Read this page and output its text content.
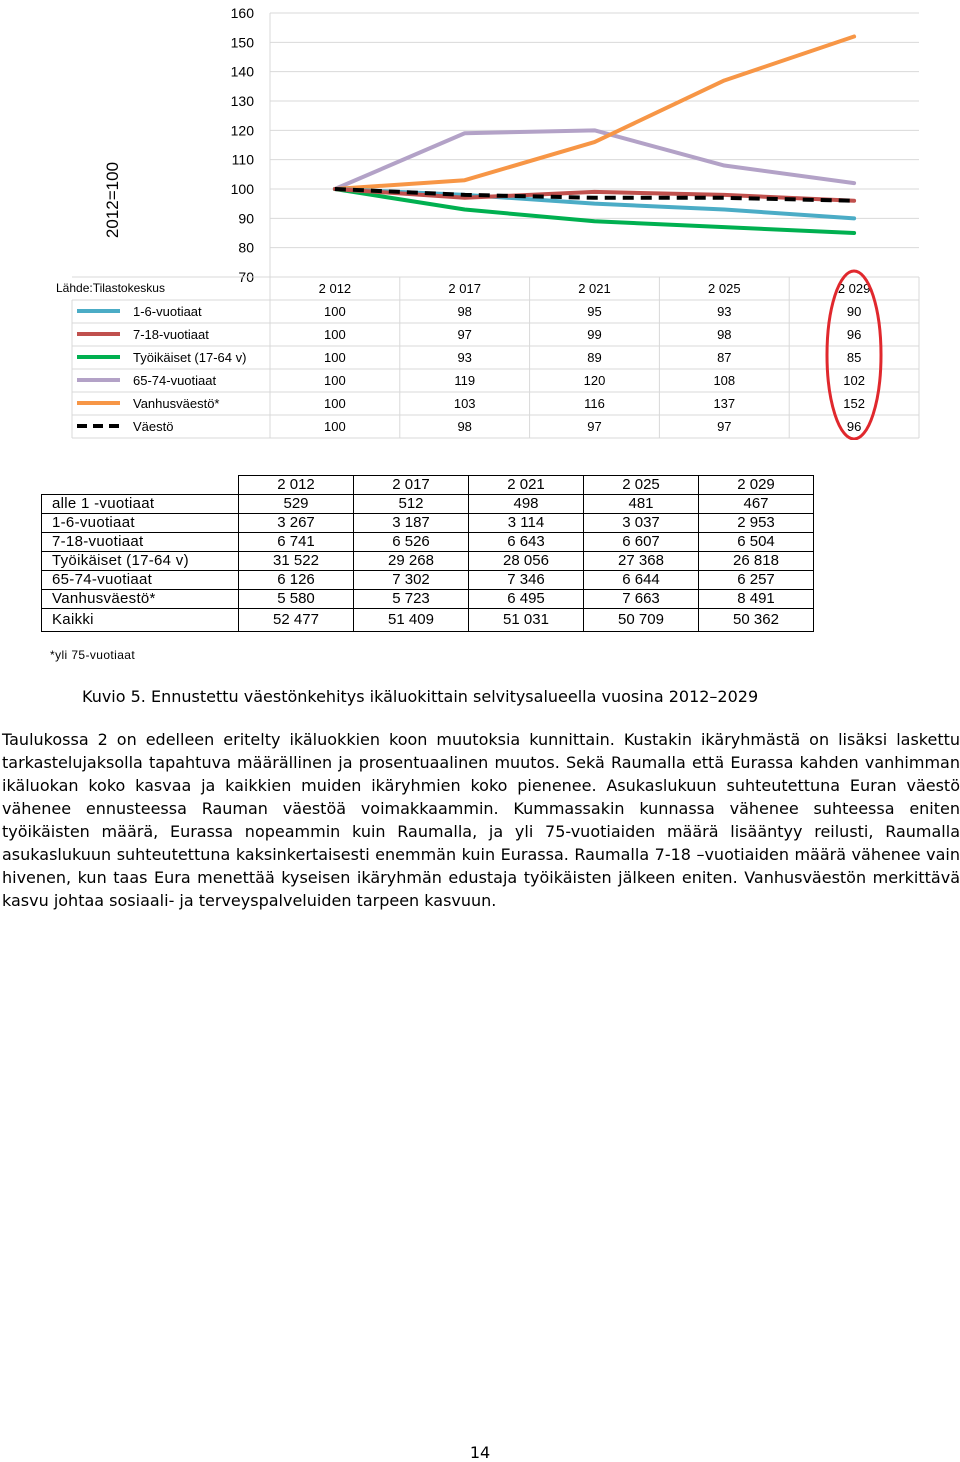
160
150
140
130
120
110
100
90
80
70
2012=100
Lähde:Tilastokeskus	2 012	2 017	2 021	2 025	2 029
1-6-vuotiaat	100	98	95	93	90
7-18-vuotiaat	100	97	99	98	96
Työikäiset (17-64 v)	100	93	89	87	85
65-74-vuotiaat	100	119	120	108	102
Vanhusväestö*	100	103	116	137	152
Väestö	100	98	97	97	96
	2 012	2 017	2 021	2 025	2 029
alle 1 -vuotiaat	529	512	498	481	467
1-6-vuotiaat	3 267	3 187	3 114	3 037	2 953
7-18-vuotiaat	6 741	6 526	6 643	6 607	6 504
Työikäiset (17-64 v)	31 522	29 268	28 056	27 368	26 818
65-74-vuotiaat	6 126	7 302	7 346	6 644	6 257
Vanhusväestö*	5 580	5 723	6 495	7 663	8 491
Kaikki	52 477	51 409	51 031	50 709	50 362
*yli 75-vuotiaat
Kuvio 5. Ennustettu väestönkehitys ikäluokittain selvitysalueella vuosina 2012–2029

Taulukossa 2 on edelleen eritelty ikäluokkien koon muutoksia kunnittain. Kustakin ikäryhmästä on lisäksi laskettu tarkastelujaksolla tapahtuva määrällinen ja prosentuaalinen muutos. Sekä Raumalla että Eurassa kahden vanhimman ikäluokan koko kasvaa ja kaikkien muiden ikäryhmien koko pienenee. Asukaslukuun suhteutettuna Euran väestö vähenee ennusteessa Rauman väestöä voimakkaammin. Kummassakin kunnassa vähenee suhteessa eniten työikäisten määrä, Eurassa nopeammin kuin Raumalla, ja yli 75-vuotiaiden määrä lisääntyy reilusti, Raumalla asukaslukuun suhteutettuna kaksinkertaisesti enemmän kuin Eurassa. Raumalla 7-18 –vuotiaiden määrä vähenee vain hivenen, kun taas Eura menettää kyseisen ikäryhmän edustaja työikäisten jälkeen eniten. Vanhusväestön merkittävä kasvu johtaa sosiaali- ja terveyspalveluiden tarpeen kasvuun.

14
